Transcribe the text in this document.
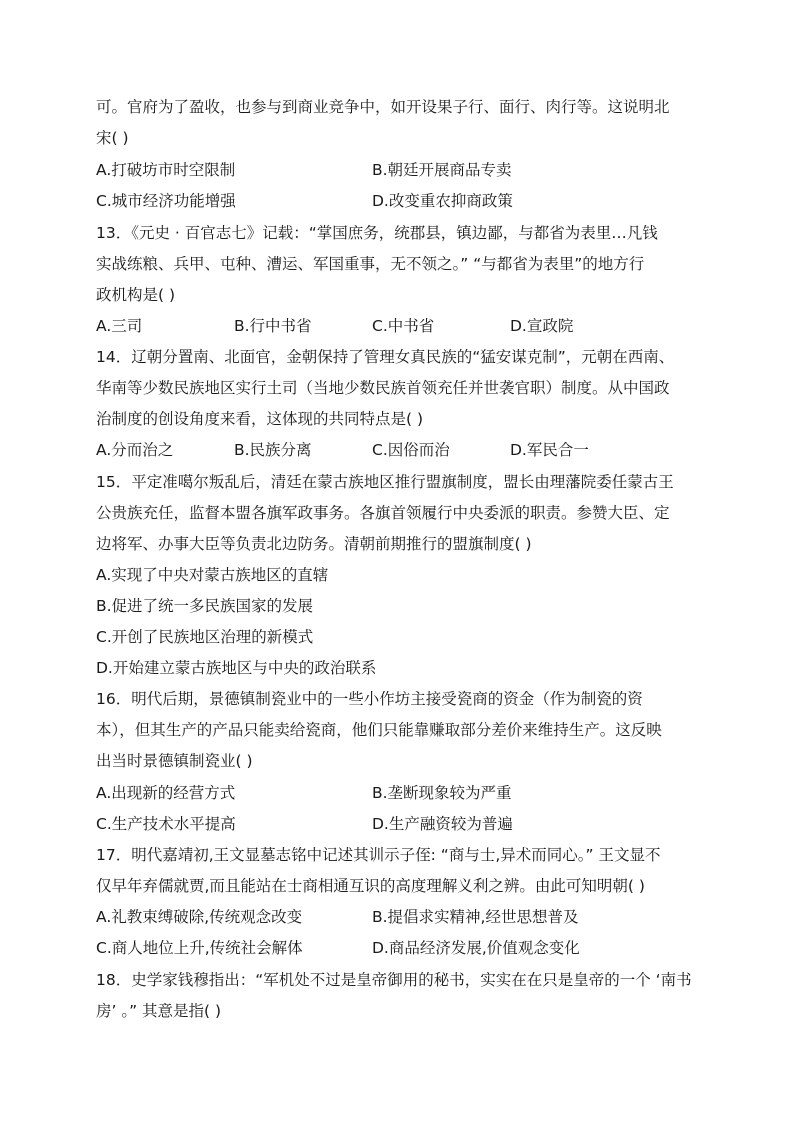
可。官府为了盈收，也参与到商业竞争中，如开设果子行、面行、肉行等。这说明北
宋( )
A.打破坊市时空限制	B.朝廷开展商品专卖
C.城市经济功能增强	D.改变重农抑商政策
13．《元史 · 百官志七》记载：“掌国庶务，统郡县，镇边鄙，与都省为表里…凡钱
实战练粮、兵甲、屯种、漕运、军国重事，无不领之。” “与都省为表里”的地方行
政机构是( )
A.三司	B.行中书省	C.中书省	D.宣政院
14．辽朝分置南、北面官，金朝保持了管理女真民族的“猛安谋克制”，元朝在西南、
华南等少数民族地区实行土司（当地少数民族首领充任并世袭官职）制度。从中国政
治制度的创设角度来看，这体现的共同特点是( )
A.分而治之	B.民族分离	C.因俗而治	D.军民合一
15．平定准噶尔叛乱后，清廷在蒙古族地区推行盟旗制度，盟长由理藩院委任蒙古王
公贵族充任，监督本盟各旗军政事务。各旗首领履行中央委派的职责。参赞大臣、定
边将军、办事大臣等负责北边防务。清朝前期推行的盟旗制度( )
A.实现了中央对蒙古族地区的直辖
B.促进了统一多民族国家的发展
C.开创了民族地区治理的新模式
D.开始建立蒙古族地区与中央的政治联系
16．明代后期，景德镇制瓷业中的一些小作坊主接受瓷商的资金（作为制瓷的资
本），但其生产的产品只能卖给瓷商，他们只能靠赚取部分差价来维持生产。这反映
出当时景德镇制瓷业( )
A.出现新的经营方式	B.垄断现象较为严重
C.生产技术水平提高	D.生产融资较为普遍
17．明代嘉靖初,王文显墓志铭中记述其训示子侄: “商与士,异术而同心。” 王文显不
仅早年弃儒就贾,而且能站在士商相通互识的高度理解义利之辨。由此可知明朝( )
A.礼教束缚破除,传统观念改变	B.提倡求实精神,经世思想普及
C.商人地位上升,传统社会解体	D.商品经济发展,价值观念变化
18．史学家钱穆指出：“军机处不过是皇帝御用的秘书，实实在在只是皇帝的一个 ‘南书
房’ 。” 其意是指( )
